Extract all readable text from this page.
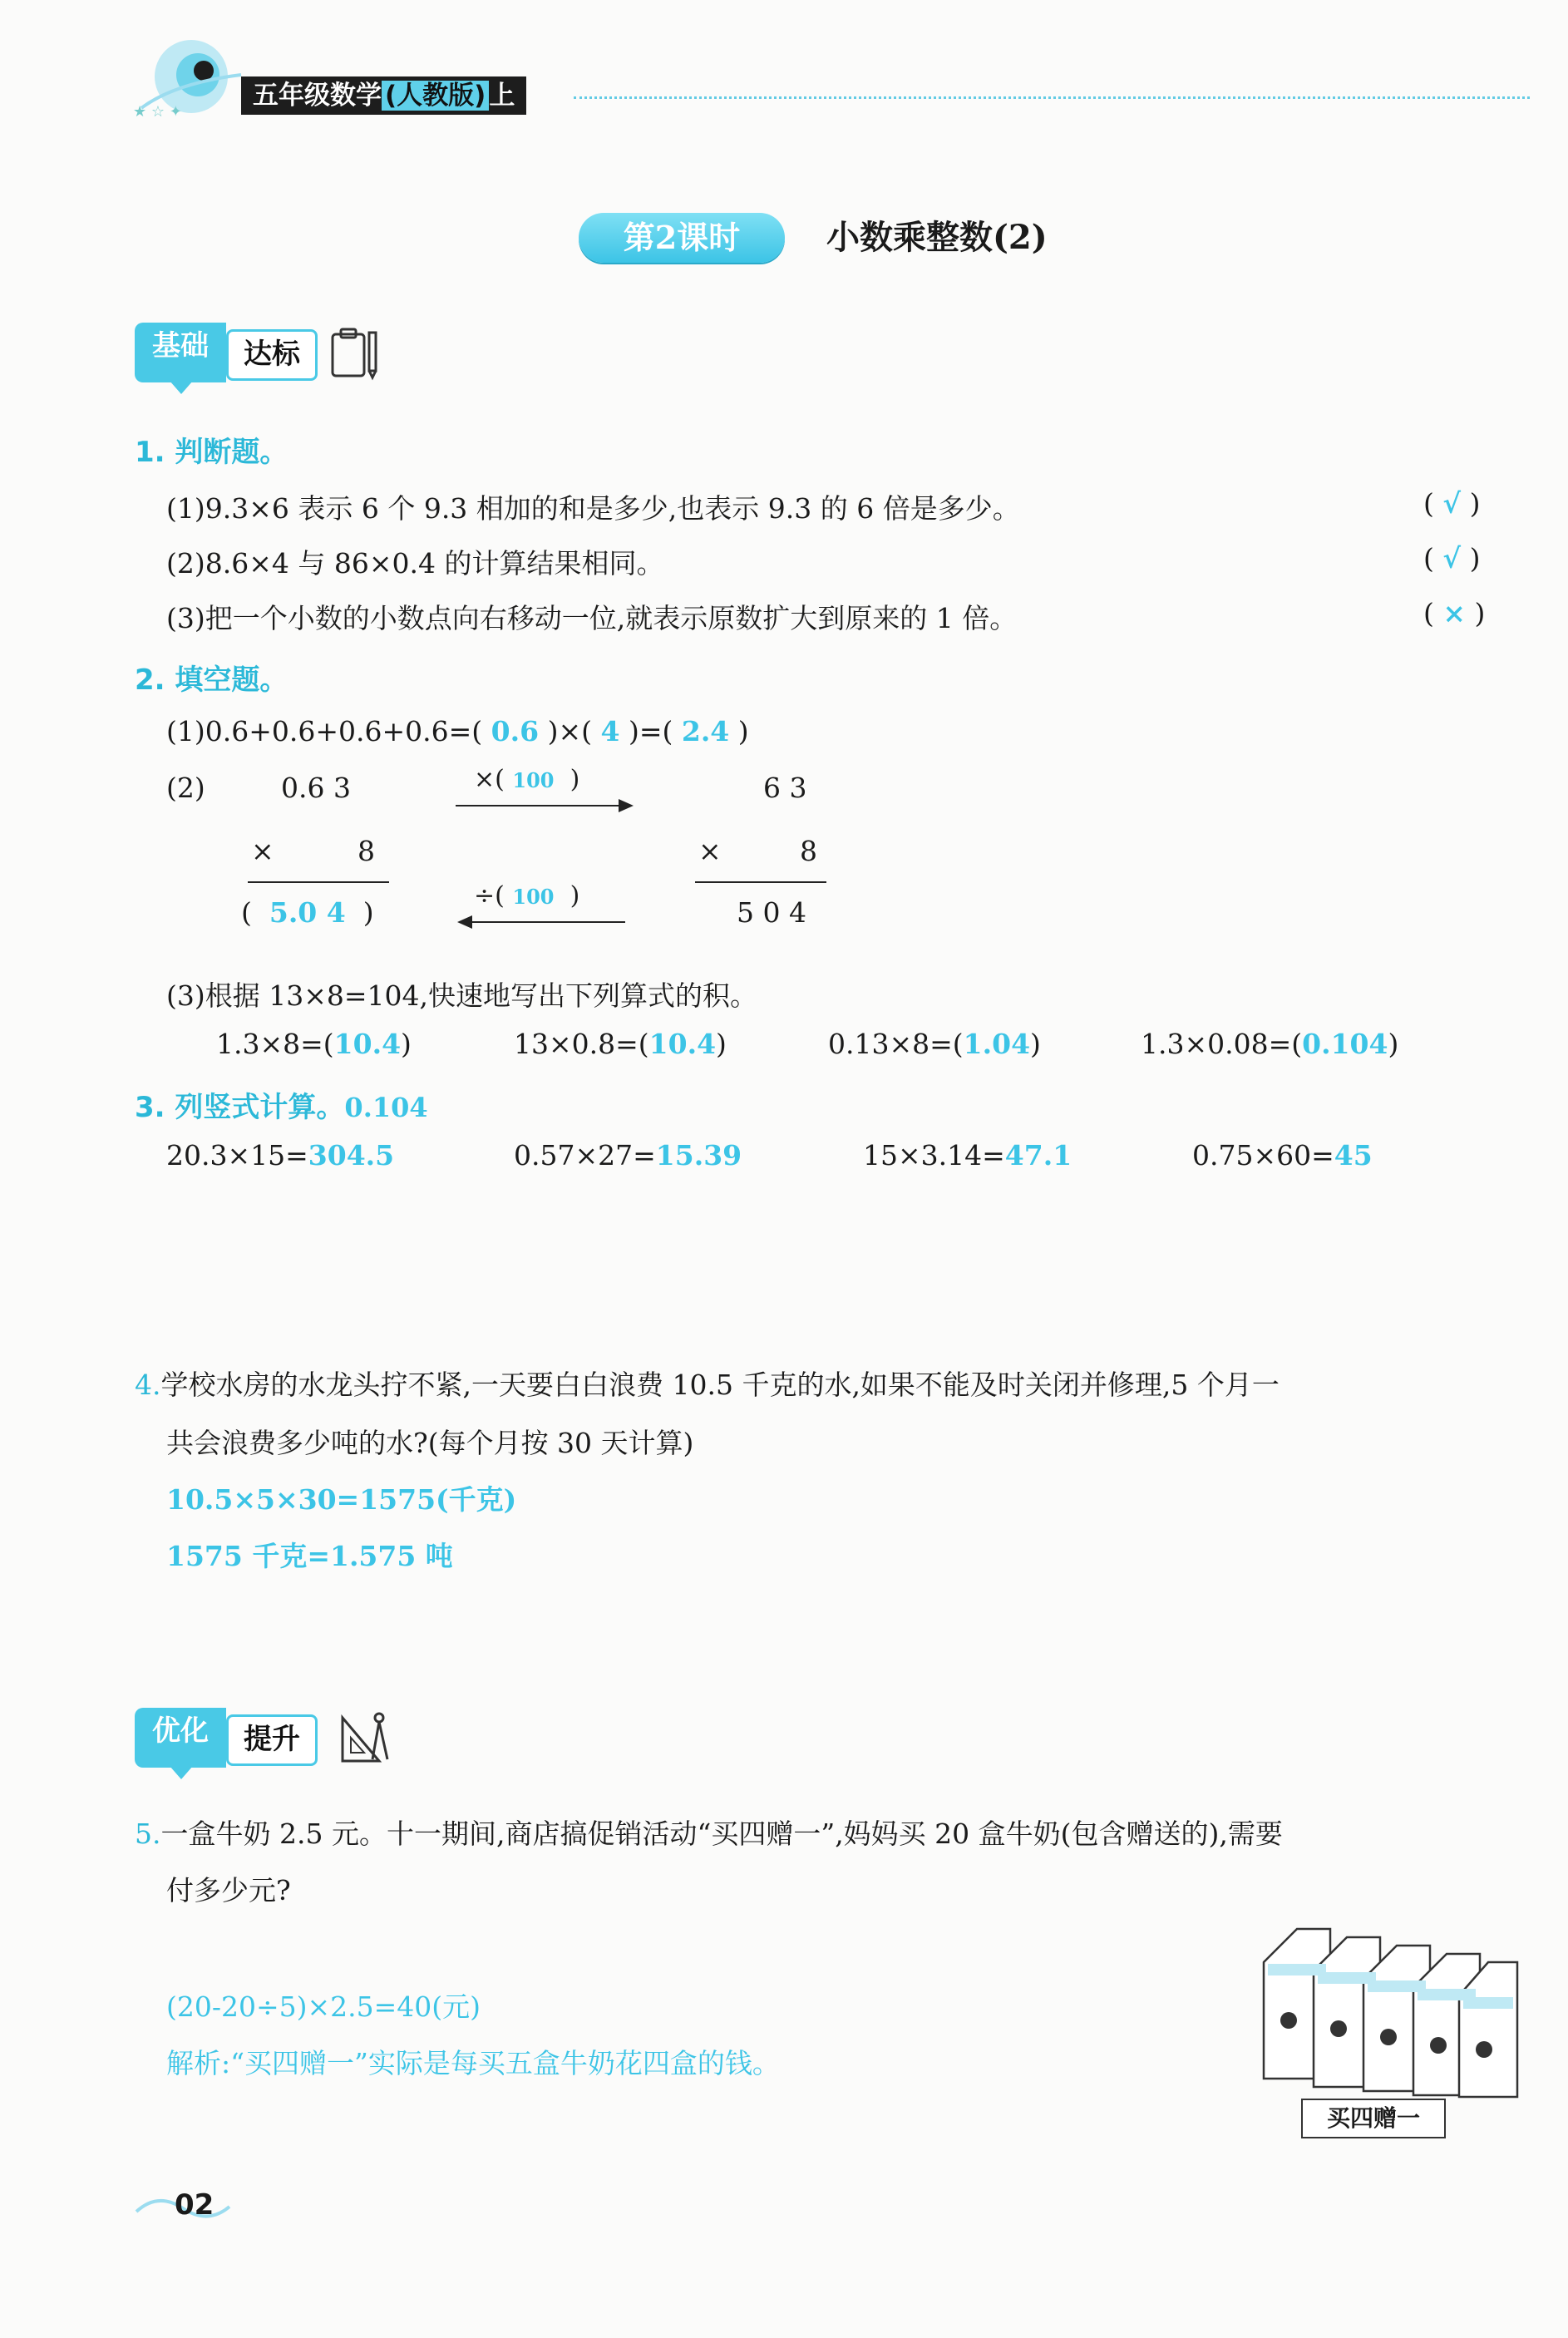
★ ☆ ✦
五年级数学 (人教版) 上
第2课时	小数乘整数(2)
基础	达标
1. 判断题。
(1)9.3×6 表示 6 个 9.3 相加的和是多少,也表示 9.3 的 6 倍是多少。	( √ )
(2)8.6×4 与 86×0.4 的计算结果相同。	( √ )
(3)把一个小数的小数点向右移动一位,就表示原数扩大到原来的 1 倍。	( × )
2. 填空题。
(1)0.6+0.6+0.6+0.6=( 0.6 )×( 4 )=( 2.4 )
(2)	0.6 3
×	8
(  5.0 4  )
×( 100 )
÷( 100 )
6 3
×	8
5 0 4
(3)根据 13×8=104,快速地写出下列算式的积。
1.3×8=(10.4)	13×0.8=(10.4)	0.13×8=(1.04)	1.3×0.08=(0.104)
3. 列竖式计算。0.104
20.3×15=304.5	0.57×27=15.39	15×3.14=47.1	0.75×60=45
4.学校水房的水龙头拧不紧,一天要白白浪费 10.5 千克的水,如果不能及时关闭并修理,5 个月一
共会浪费多少吨的水?(每个月按 30 天计算)
10.5×5×30=1575(千克)
1575 千克=1.575 吨
优化	提升
5.一盒牛奶 2.5 元。十一期间,商店搞促销活动“买四赠一”,妈妈买 20 盒牛奶(包含赠送的),需要
付多少元?
(20-20÷5)×2.5=40(元)
解析:“买四赠一”实际是每买五盒牛奶花四盒的钱。
买四赠一
02
